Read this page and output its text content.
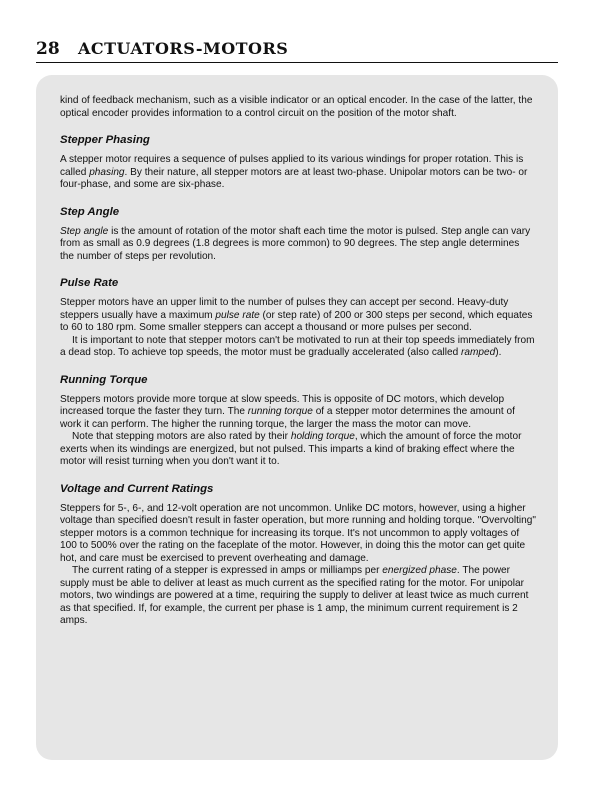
28 ACTUATORS-MOTORS

kind of feedback mechanism, such as a visible indicator or an optical encoder. In the case of the latter, the optical encoder provides information to a control circuit on the position of the motor shaft.

Stepper Phasing

A stepper motor requires a sequence of pulses applied to its various windings for proper rotation. This is called phasing. By their nature, all stepper motors are at least two-phase. Unipolar motors can be two- or four-phase, and some are six-phase.

Step Angle

Step angle is the amount of rotation of the motor shaft each time the motor is pulsed. Step angle can vary from as small as 0.9 degrees (1.8 degrees is more common) to 90 degrees. The step angle determines the number of steps per revolution.

Pulse Rate

Stepper motors have an upper limit to the number of pulses they can accept per second. Heavy-duty steppers usually have a maximum pulse rate (or step rate) of 200 or 300 steps per second, which equates to 60 to 180 rpm. Some smaller steppers can accept a thousand or more pulses per second.

It is important to note that stepper motors can't be motivated to run at their top speeds immediately from a dead stop. To achieve top speeds, the motor must be gradually accelerated (also called ramped).

Running Torque

Steppers motors provide more torque at slow speeds. This is opposite of DC motors, which develop increased torque the faster they turn. The running torque of a stepper motor determines the amount of work it can perform. The higher the running torque, the larger the mass the motor can move.

Note that stepping motors are also rated by their holding torque, which the amount of force the motor exerts when its windings are energized, but not pulsed. This imparts a kind of braking effect where the motor will resist turning when you don't want it to.

Voltage and Current Ratings

Steppers for 5-, 6-, and 12-volt operation are not uncommon. Unlike DC motors, however, using a higher voltage than specified doesn't result in faster operation, but more running and holding torque. "Overvolting" stepper motors is a common technique for increasing its torque. It's not uncommon to apply voltages of 100 to 500% over the rating on the faceplate of the motor. However, in doing this the motor can get quite hot, and care must be exercised to prevent overheating and damage.

The current rating of a stepper is expressed in amps or milliamps per energized phase. The power supply must be able to deliver at least as much current as the specified rating for the motor. For unipolar motors, two windings are powered at a time, requiring the supply to deliver at least twice as much current as that specified. If, for example, the current per phase is 1 amp, the minimum current requirement is 2 amps.
